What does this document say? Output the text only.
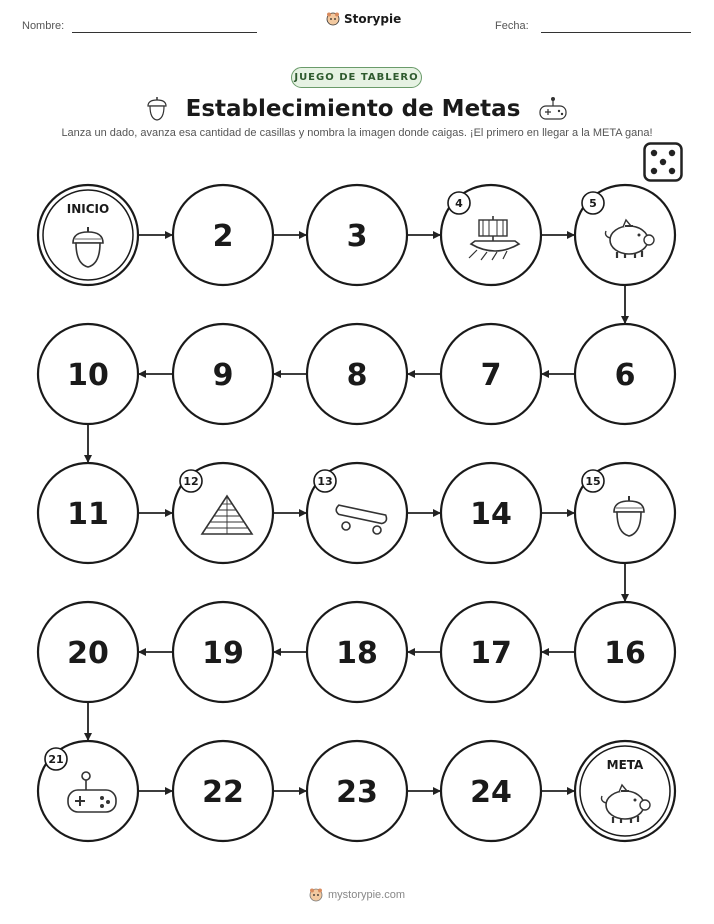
Nombre:	Storypie	Fecha:
JUEGO DE TABLERO
Establecimiento de Metas
Lanza un dado, avanza esa cantidad de casillas y nombra la imagen donde caigas. ¡El primero en llegar a la META gana!
INICIO
2	3
4	5
6
7
8
9
10
11
12	13
14
15
16
17
18
19
20
21
22	23	24
META
mystorypie.com
